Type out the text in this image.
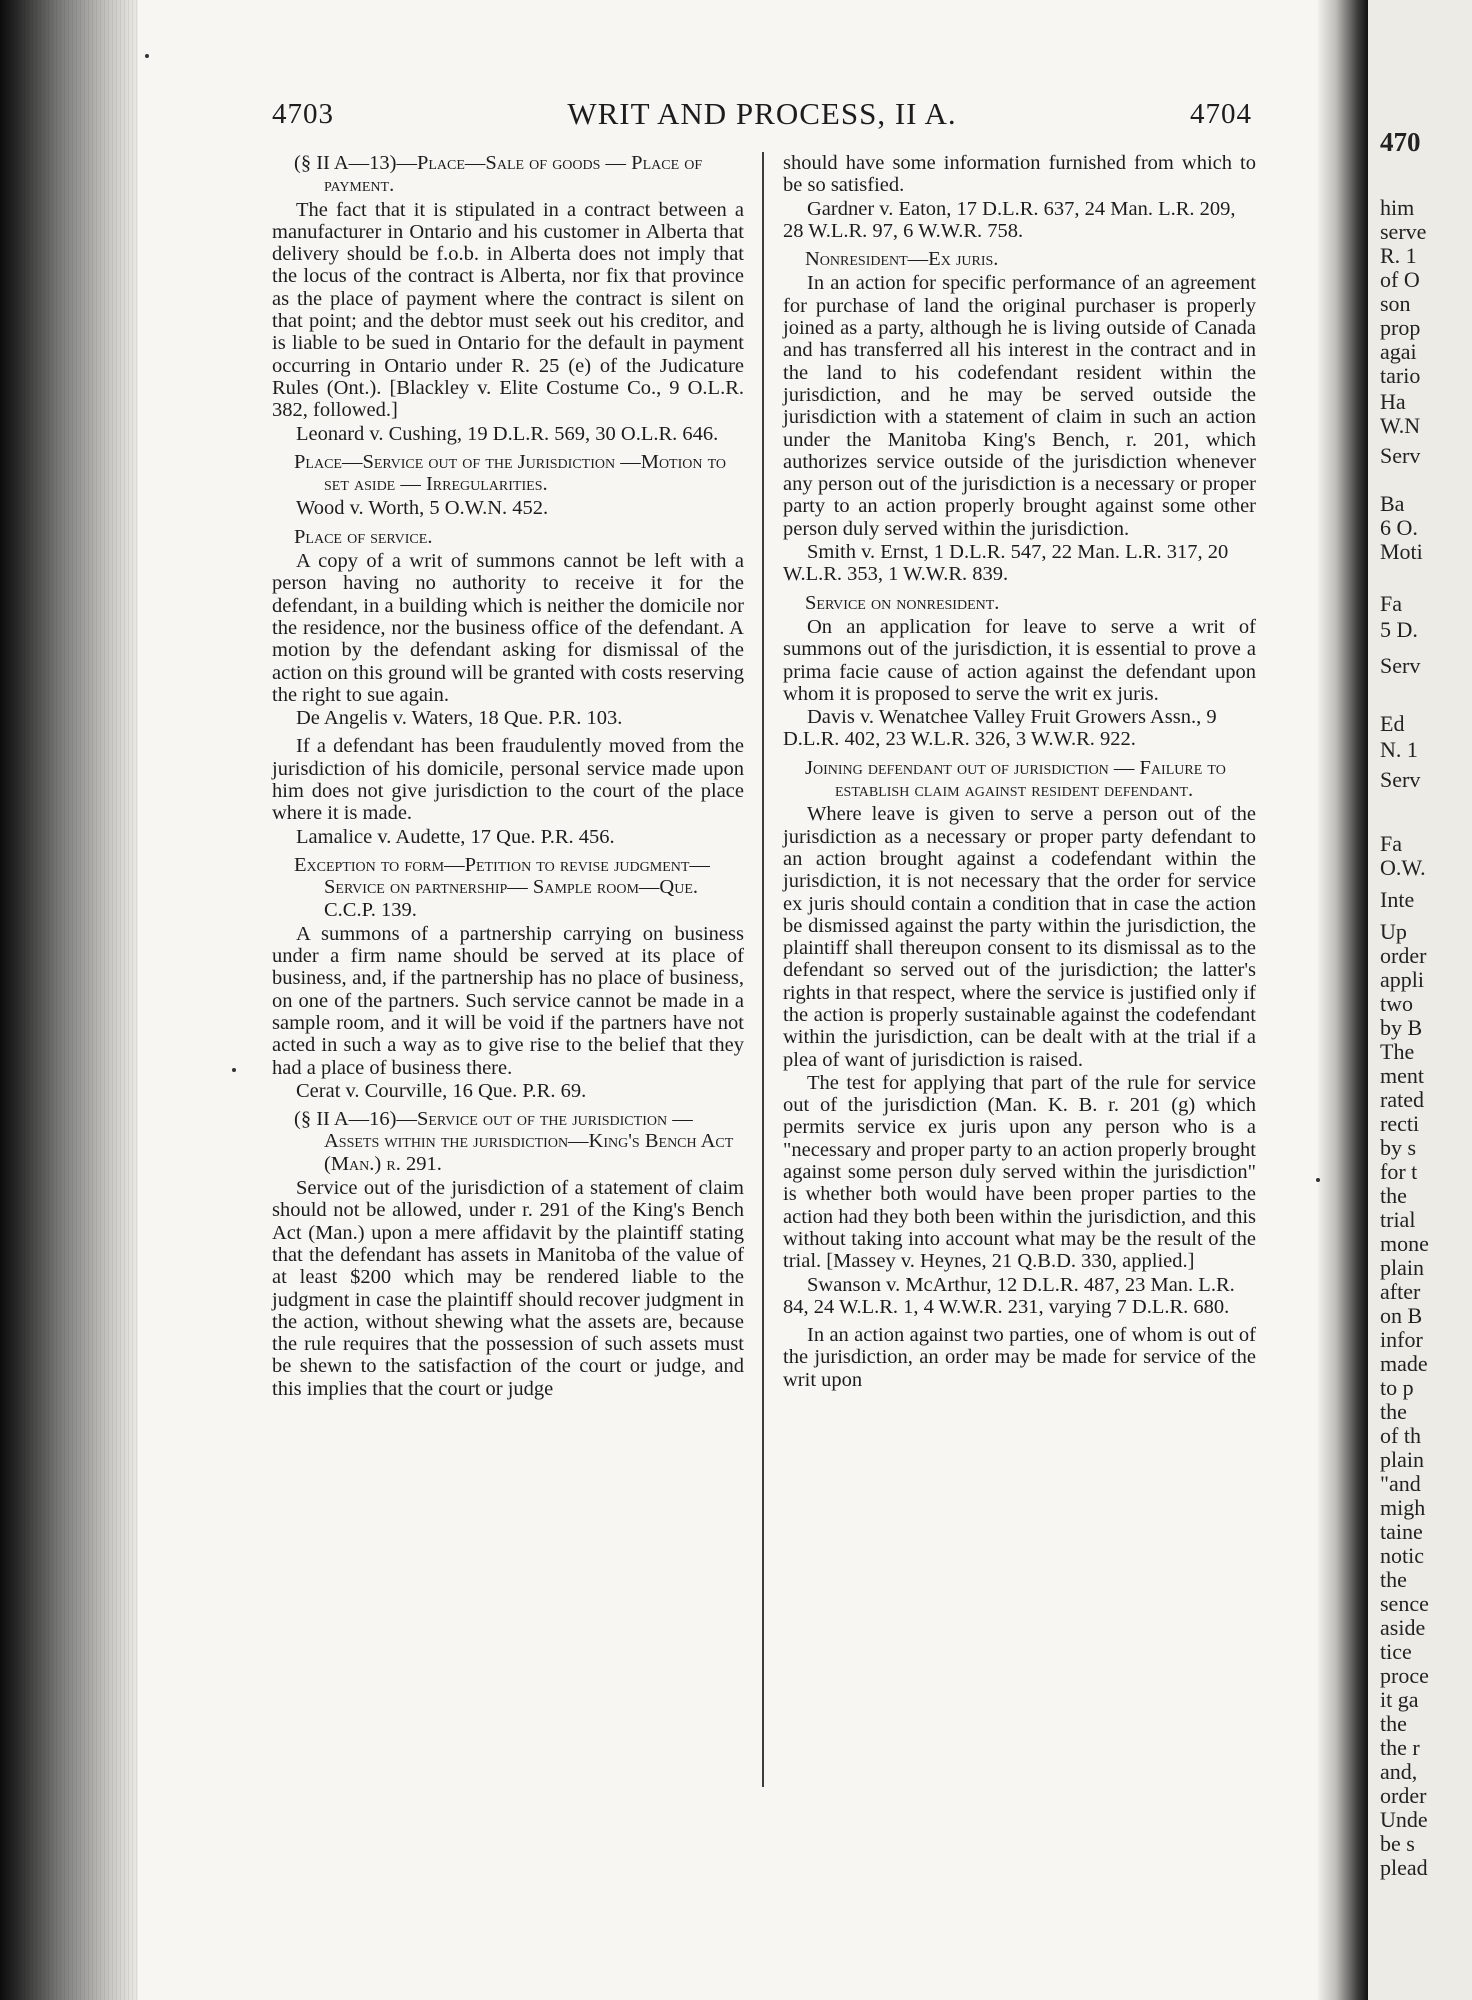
4703	WRIT AND PROCESS, II A.	4704
(§ II A—13)—Place—Sale of goods — Place of payment.
The fact that it is stipulated in a contract between a manufacturer in Ontario and his customer in Alberta that delivery should be f.o.b. in Alberta does not imply that the locus of the contract is Alberta, nor fix that province as the place of payment where the contract is silent on that point; and the debtor must seek out his creditor, and is liable to be sued in Ontario for the default in payment occurring in Ontario under R. 25 (e) of the Judicature Rules (Ont.). [Blackley v. Elite Costume Co., 9 O.L.R. 382, followed.]
Leonard v. Cushing, 19 D.L.R. 569, 30 O.L.R. 646.
Place—Service out of the Jurisdiction —Motion to set aside — Irregularities.
Wood v. Worth, 5 O.W.N. 452.
Place of service.
A copy of a writ of summons cannot be left with a person having no authority to receive it for the defendant, in a building which is neither the domicile nor the residence, nor the business office of the defendant. A motion by the defendant asking for dismissal of the action on this ground will be granted with costs reserving the right to sue again.
De Angelis v. Waters, 18 Que. P.R. 103.
If a defendant has been fraudulently moved from the jurisdiction of his domicile, personal service made upon him does not give jurisdiction to the court of the place where it is made.
Lamalice v. Audette, 17 Que. P.R. 456.
Exception to form—Petition to revise judgment—Service on partnership— Sample room—Que. C.C.P. 139.
A summons of a partnership carrying on business under a firm name should be served at its place of business, and, if the partnership has no place of business, on one of the partners. Such service cannot be made in a sample room, and it will be void if the partners have not acted in such a way as to give rise to the belief that they had a place of business there.
Cerat v. Courville, 16 Que. P.R. 69.
(§ II A—16)—Service out of the jurisdiction — Assets within the jurisdiction—King's Bench Act (Man.) r. 291.
Service out of the jurisdiction of a statement of claim should not be allowed, under r. 291 of the King's Bench Act (Man.) upon a mere affidavit by the plaintiff stating that the defendant has assets in Manitoba of the value of at least $200 which may be rendered liable to the judgment in case the plaintiff should recover judgment in the action, without shewing what the assets are, because the rule requires that the possession of such assets must be shewn to the satisfaction of the court or judge, and this implies that the court or judge
should have some information furnished from which to be so satisfied.
Gardner v. Eaton, 17 D.L.R. 637, 24 Man. L.R. 209, 28 W.L.R. 97, 6 W.W.R. 758.
Nonresident—Ex juris.
In an action for specific performance of an agreement for purchase of land the original purchaser is properly joined as a party, although he is living outside of Canada and has transferred all his interest in the contract and in the land to his codefendant resident within the jurisdiction, and he may be served outside the jurisdiction with a statement of claim in such an action under the Manitoba King's Bench, r. 201, which authorizes service outside of the jurisdiction whenever any person out of the jurisdiction is a necessary or proper party to an action properly brought against some other person duly served within the jurisdiction.
Smith v. Ernst, 1 D.L.R. 547, 22 Man. L.R. 317, 20 W.L.R. 353, 1 W.W.R. 839.
Service on nonresident.
On an application for leave to serve a writ of summons out of the jurisdiction, it is essential to prove a prima facie cause of action against the defendant upon whom it is proposed to serve the writ ex juris.
Davis v. Wenatchee Valley Fruit Growers Assn., 9 D.L.R. 402, 23 W.L.R. 326, 3 W.W.R. 922.
Joining defendant out of jurisdiction — Failure to establish claim against resident defendant.
Where leave is given to serve a person out of the jurisdiction as a necessary or proper party defendant to an action brought against a codefendant within the jurisdiction, it is not necessary that the order for service ex juris should contain a condition that in case the action be dismissed against the party within the jurisdiction, the plaintiff shall thereupon consent to its dismissal as to the defendant so served out of the jurisdiction; the latter's rights in that respect, where the service is justified only if the action is properly sustainable against the codefendant within the jurisdiction, can be dealt with at the trial if a plea of want of jurisdiction is raised.
The test for applying that part of the rule for service out of the jurisdiction (Man. K. B. r. 201 (g) which permits service ex juris upon any person who is a "necessary and proper party to an action properly brought against some person duly served within the jurisdiction" is whether both would have been proper parties to the action had they both been within the jurisdiction, and this without taking into account what may be the result of the trial. [Massey v. Heynes, 21 Q.B.D. 330, applied.]
Swanson v. McArthur, 12 D.L.R. 487, 23 Man. L.R. 84, 24 W.L.R. 1, 4 W.W.R. 231, varying 7 D.L.R. 680.
In an action against two parties, one of whom is out of the jurisdiction, an order may be made for service of the writ upon
470
him
serve
R. 1
of O
son
prop
agai
tario
Ha
W.N
Serv
Ba
6 O.
Moti
Fa
5 D.
Serv
Ed
N. 1
Serv
Fa
O.W.
Inte
Up
order
appli
two
by B
The
ment
rated
recti
by s
for t
the
trial
mone
plain
after
on B
infor
made
to p
the
of th
plain
"and
migh
taine
notic
the
sence
aside
tice
proce
it ga
the
the r
and,
order
Unde
be s
plead
